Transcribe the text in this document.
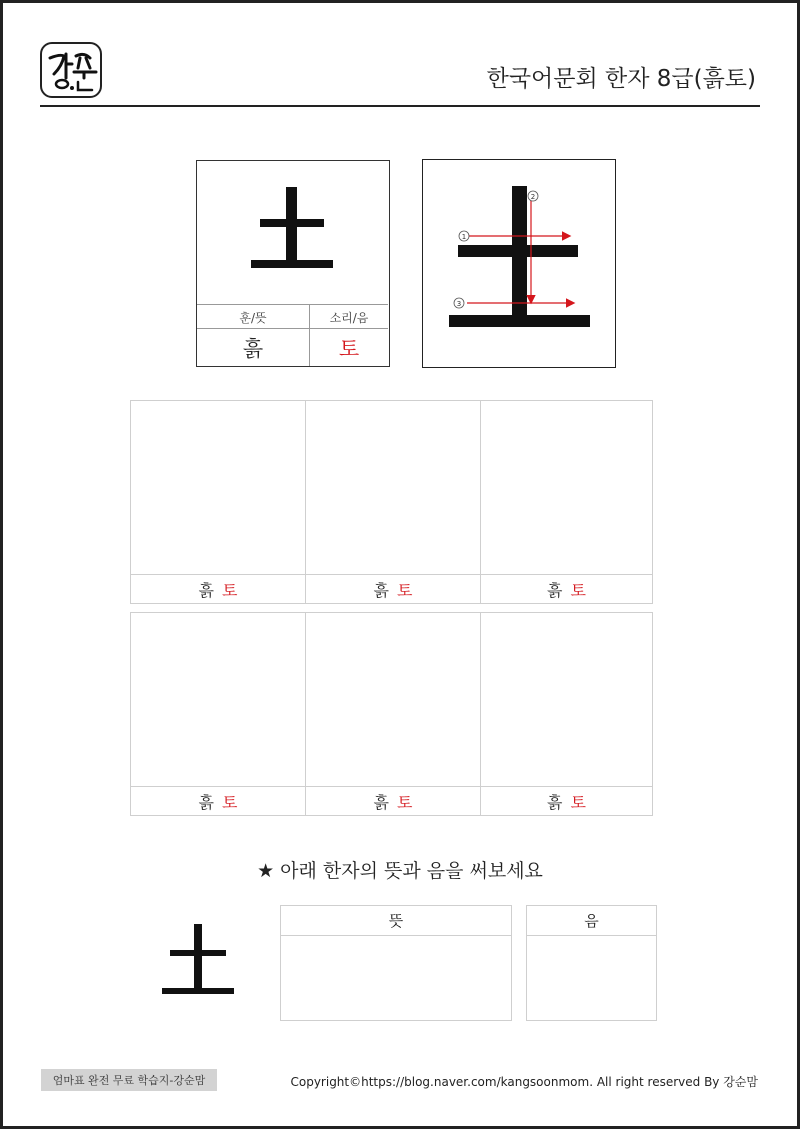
한국어문회 한자 8급(흙토)
훈/뜻	소리/음
흙	토
1
2
3
흙 토	흙 토	흙 토
흙 토	흙 토	흙 토
★ 아래 한자의 뜻과 음을 써보세요
뜻	음
엄마표 완전 무료 학습지-강순맘	Copyright©https://blog.naver.com/kangsoonmom. All right reserved By 강순맘
